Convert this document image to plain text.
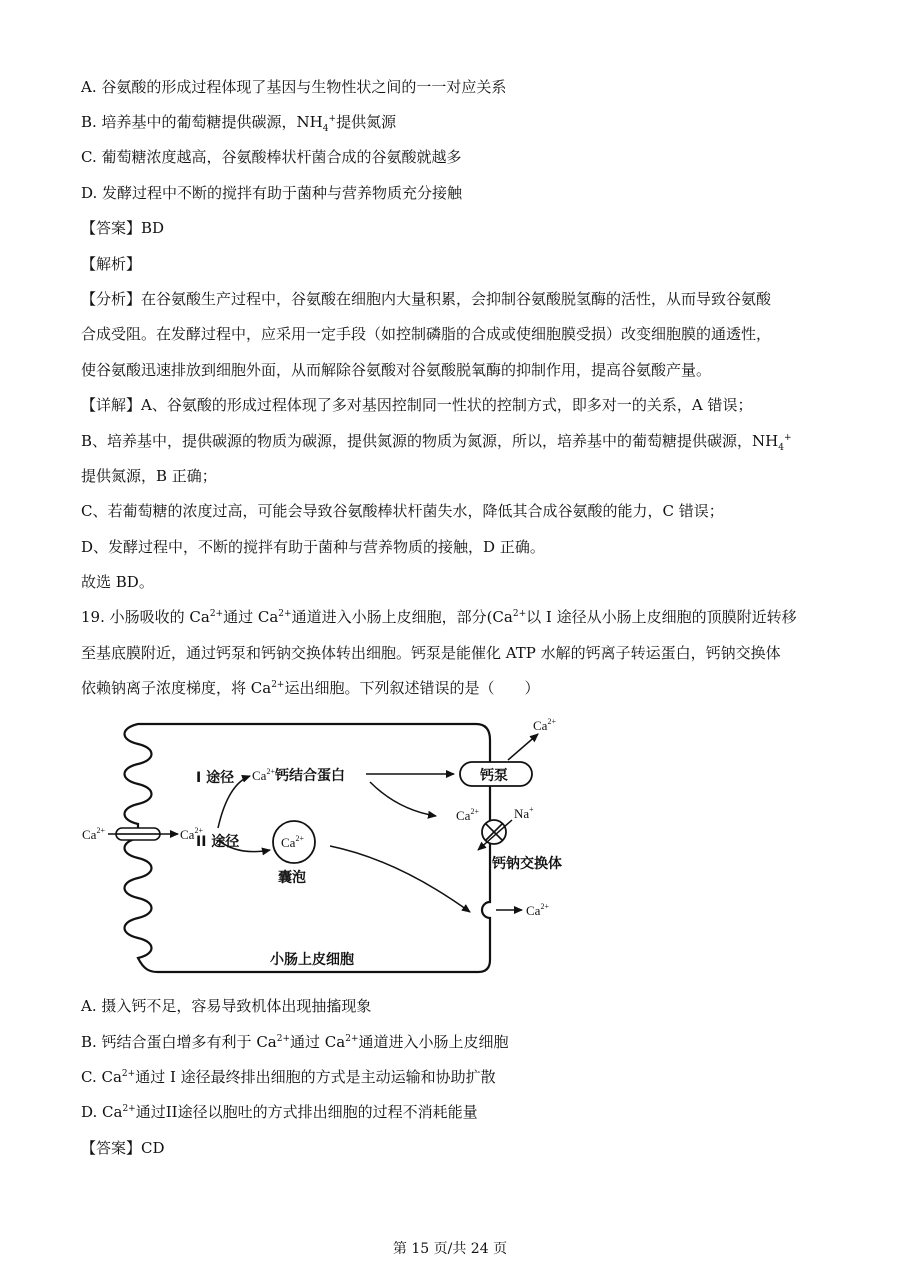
A. 谷氨酸的形成过程体现了基因与生物性状之间的一一对应关系
B. 培养基中的葡萄糖提供碳源，$NH_4^+$提供氮源
C. 葡萄糖浓度越高，谷氨酸棒状杆菌合成的谷氨酸就越多
D. 发酵过程中不断的搅拌有助于菌种与营养物质充分接触
【答案】BD
【解析】
【分析】在谷氨酸生产过程中，谷氨酸在细胞内大量积累，会抑制谷氨酸脱氢酶的活性，从而导致谷氨酸
合成受阻。在发酵过程中，应采用一定手段（如控制磷脂的合成或使细胞膜受损）改变细胞膜的通透性，
使谷氨酸迅速排放到细胞外面，从而解除谷氨酸对谷氨酸脱氧酶的抑制作用，提高谷氨酸产量。
【详解】A、谷氨酸的形成过程体现了多对基因控制同一性状的控制方式，即多对一的关系，A 错误；
B、培养基中，提供碳源的物质为碳源，提供氮源的物质为氮源，所以，培养基中的葡萄糖提供碳源，$NH_4^+$
提供氮源，B 正确；
C、若葡萄糖的浓度过高，可能会导致谷氨酸棒状杆菌失水，降低其合成谷氨酸的能力，C 错误；
D、发酵过程中，不断的搅拌有助于菌种与营养物质的接触，D 正确。
故选 BD。
19. 小肠吸收的 $Ca^{2+}$通过 $Ca^{2+}$通道进入小肠上皮细胞，部分($Ca^{2+}$以 I 途径从小肠上皮细胞的顶膜附近转移
至基底膜附近，通过钙泵和钙钠交换体转出细胞。钙泵是能催化 ATP 水解的钙离子转运蛋白，钙钠交换体
依赖钠离子浓度梯度，将 $Ca^{2+}$运出细胞。下列叙述错误的是（　　）
$Ca^{2+}$	$Ca^{2+}$
I 途径 $Ca^{2+}$钙结合蛋白
II 途径	$Ca^{2+}$
囊泡
钙泵
$Ca^{2+}$
$Ca^{2+}$	Na+
钙钠交换体
$Ca^{2+}$
小肠上皮细胞
A. 摄入钙不足，容易导致机体出现抽搐现象
B. 钙结合蛋白增多有利于 $Ca^{2+}$通过 $Ca^{2+}$通道进入小肠上皮细胞
C. $Ca^{2+}$通过 I 途径最终排出细胞的方式是主动运输和协助扩散
D. $Ca^{2+}$通过II途径以胞吐的方式排出细胞的过程不消耗能量
【答案】CD
第 15 页/共 24 页
